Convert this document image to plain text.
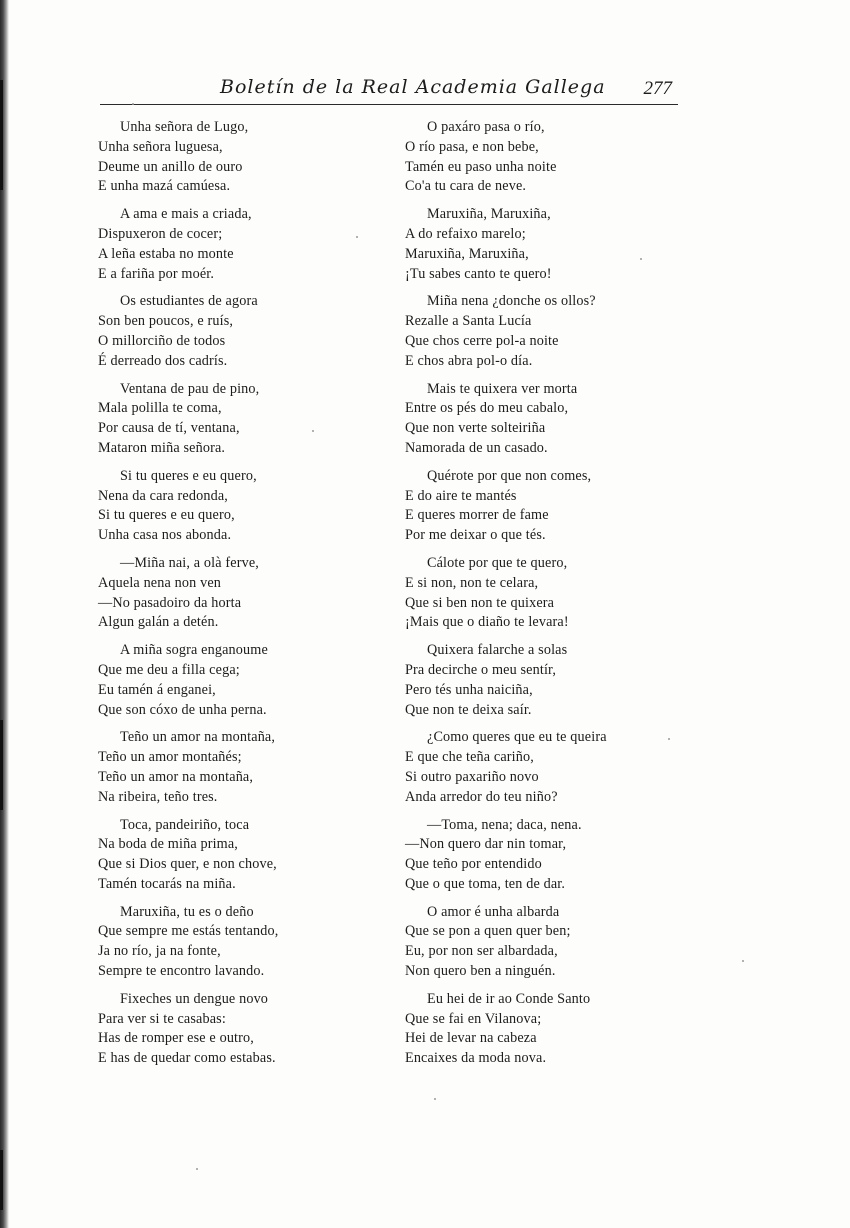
Boletín de la Real Academia Gallega 277
Unha señora de Lugo,
Unha señora luguesa,
Deume un anillo de ouro
E unha mazá camúesa.
A ama e mais a criada,
Dispuxeron de cocer;
A leña estaba no monte
E a fariña por moér.
Os estudiantes de agora
Son ben poucos, e ruís,
O millorciño de todos
É derreado dos cadrís.
Ventana de pau de pino,
Mala polilla te coma,
Por causa de tí, ventana,
Mataron miña señora.
Si tu queres e eu quero,
Nena da cara redonda,
Si tu queres e eu quero,
Unha casa nos abonda.
—Miña nai, a olà ferve,
Aquela nena non ven
—No pasadoiro da horta
Algun galán a detén.
A miña sogra enganoume
Que me deu a filla cega;
Eu tamén á enganei,
Que son cóxo de unha perna.
Teño un amor na montaña,
Teño un amor montañés;
Teño un amor na montaña,
Na ribeira, teño tres.
Toca, pandeiriño, toca
Na boda de miña prima,
Que si Dios quer, e non chove,
Tamén tocarás na miña.
Maruxiña, tu es o deño
Que sempre me estás tentando,
Ja no río, ja na fonte,
Sempre te encontro lavando.
Fixeches un dengue novo
Para ver si te casabas:
Has de romper ese e outro,
E has de quedar como estabas.
O paxáro pasa o río,
O río pasa, e non bebe,
Tamén eu paso unha noite
Co'a tu cara de neve.
Maruxiña, Maruxiña,
A do refaixo marelo;
Maruxiña, Maruxiña,
¡Tu sabes canto te quero!
Miña nena ¿donche os ollos?
Rezalle a Santa Lucía
Que chos cerre pol-a noite
E chos abra pol-o día.
Mais te quixera ver morta
Entre os pés do meu cabalo,
Que non verte solteiriña
Namorada de un casado.
Quérote por que non comes,
E do aire te mantés
E queres morrer de fame
Por me deixar o que tés.
Cálote por que te quero,
E si non, non te celara,
Que si ben non te quixera
¡Mais que o diaño te levara!
Quixera falarche a solas
Pra decirche o meu sentír,
Pero tés unha naiciña,
Que non te deixa saír.
¿Como queres que eu te queira
E que che teña cariño,
Si outro paxariño novo
Anda arredor do teu niño?
—Toma, nena; daca, nena.
—Non quero dar nin tomar,
Que teño por entendido
Que o que toma, ten de dar.
O amor é unha albarda
Que se pon a quen quer ben;
Eu, por non ser albardada,
Non quero ben a ninguén.
Eu hei de ir ao Conde Santo
Que se fai en Vilanova;
Hei de levar na cabeza
Encaixes da moda nova.
